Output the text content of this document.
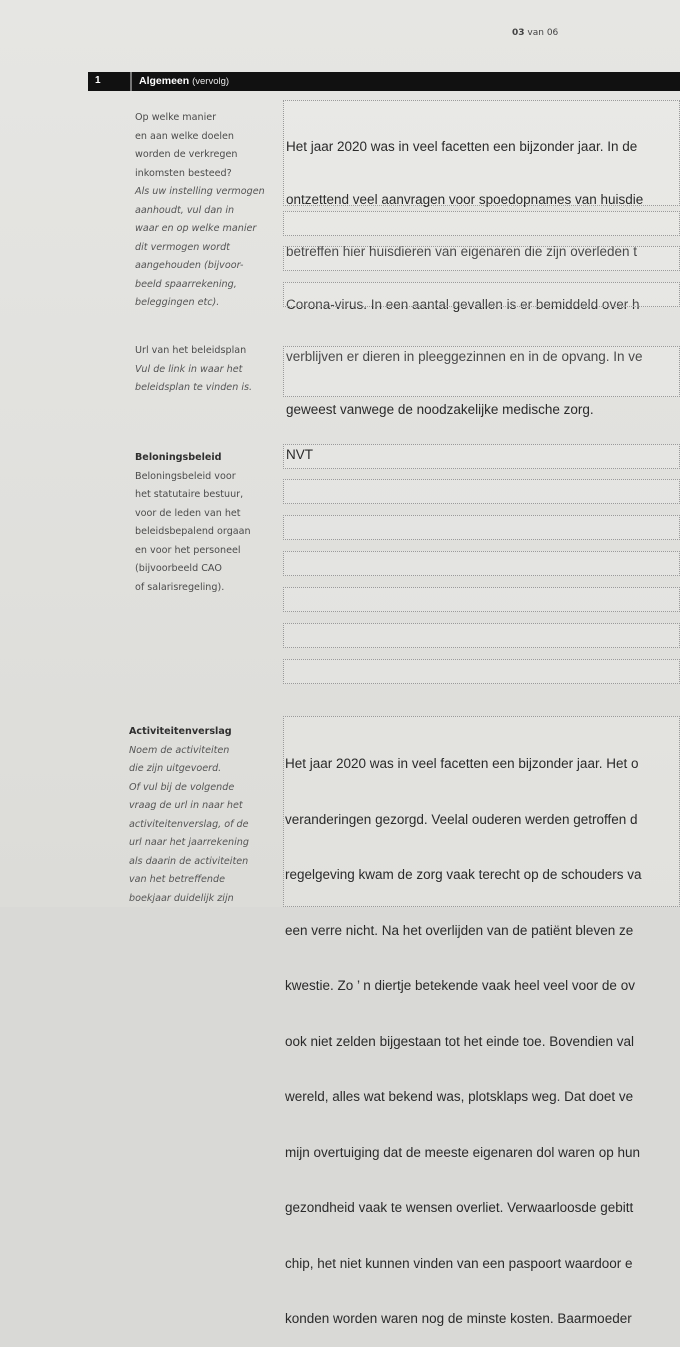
03 van 06
1	Algemeen (vervolg)
Op welke manier
en aan welke doelen
worden de verkregen
inkomsten besteed?
Als uw instelling vermogen
aanhoudt, vul dan in
waar en op welke manier
dit vermogen wordt
aangehouden (bijvoor-
beeld spaarrekening,
beleggingen etc).

Het jaar 2020 was in veel facetten een bijzonder jaar. In de

ontzettend veel aanvragen voor spoedopnames van huisdie

betreffen hier huisdieren van eigenaren die zijn overleden t

Corona-virus. In een aantal gevallen is er bemiddeld over h

verblijven er dieren in pleeggezinnen en in de opvang. In ve

geweest vanwege de noodzakelijke medische zorg.

Url van het beleidsplan
Vul de link in waar het
beleidsplan te vinden is.
Beloningsbeleid
Beloningsbeleid voor
het statutaire bestuur,
voor de leden van het
beleidsbepalend orgaan
en voor het personeel
(bijvoorbeeld CAO
of salarisregeling).
NVT
Activiteitenverslag
Noem de activiteiten
die zijn uitgevoerd.
Of vul bij de volgende
vraag de url in naar het
activiteitenverslag, of de
url naar het jaarrekening
als daarin de activiteiten
van het betreffende
boekjaar duidelijk zijn

Het jaar 2020 was in veel facetten een bijzonder jaar. Het o

veranderingen gezorgd. Veelal ouderen werden getroffen d

regelgeving kwam de zorg vaak terecht op de schouders va

een verre nicht. Na het overlijden van de patiënt bleven ze

kwestie. Zo ’ n diertje betekende vaak heel veel voor de ov

ook niet zelden bijgestaan tot het einde toe. Bovendien val

wereld, alles wat bekend was, plotsklaps weg. Dat doet ve

mijn overtuiging dat de meeste eigenaren dol waren op hun

gezondheid vaak te wensen overliet. Verwaarloosde gebitt

chip, het niet kunnen vinden van een paspoort waardoor e

konden worden waren nog de minste kosten. Baarmoeder
